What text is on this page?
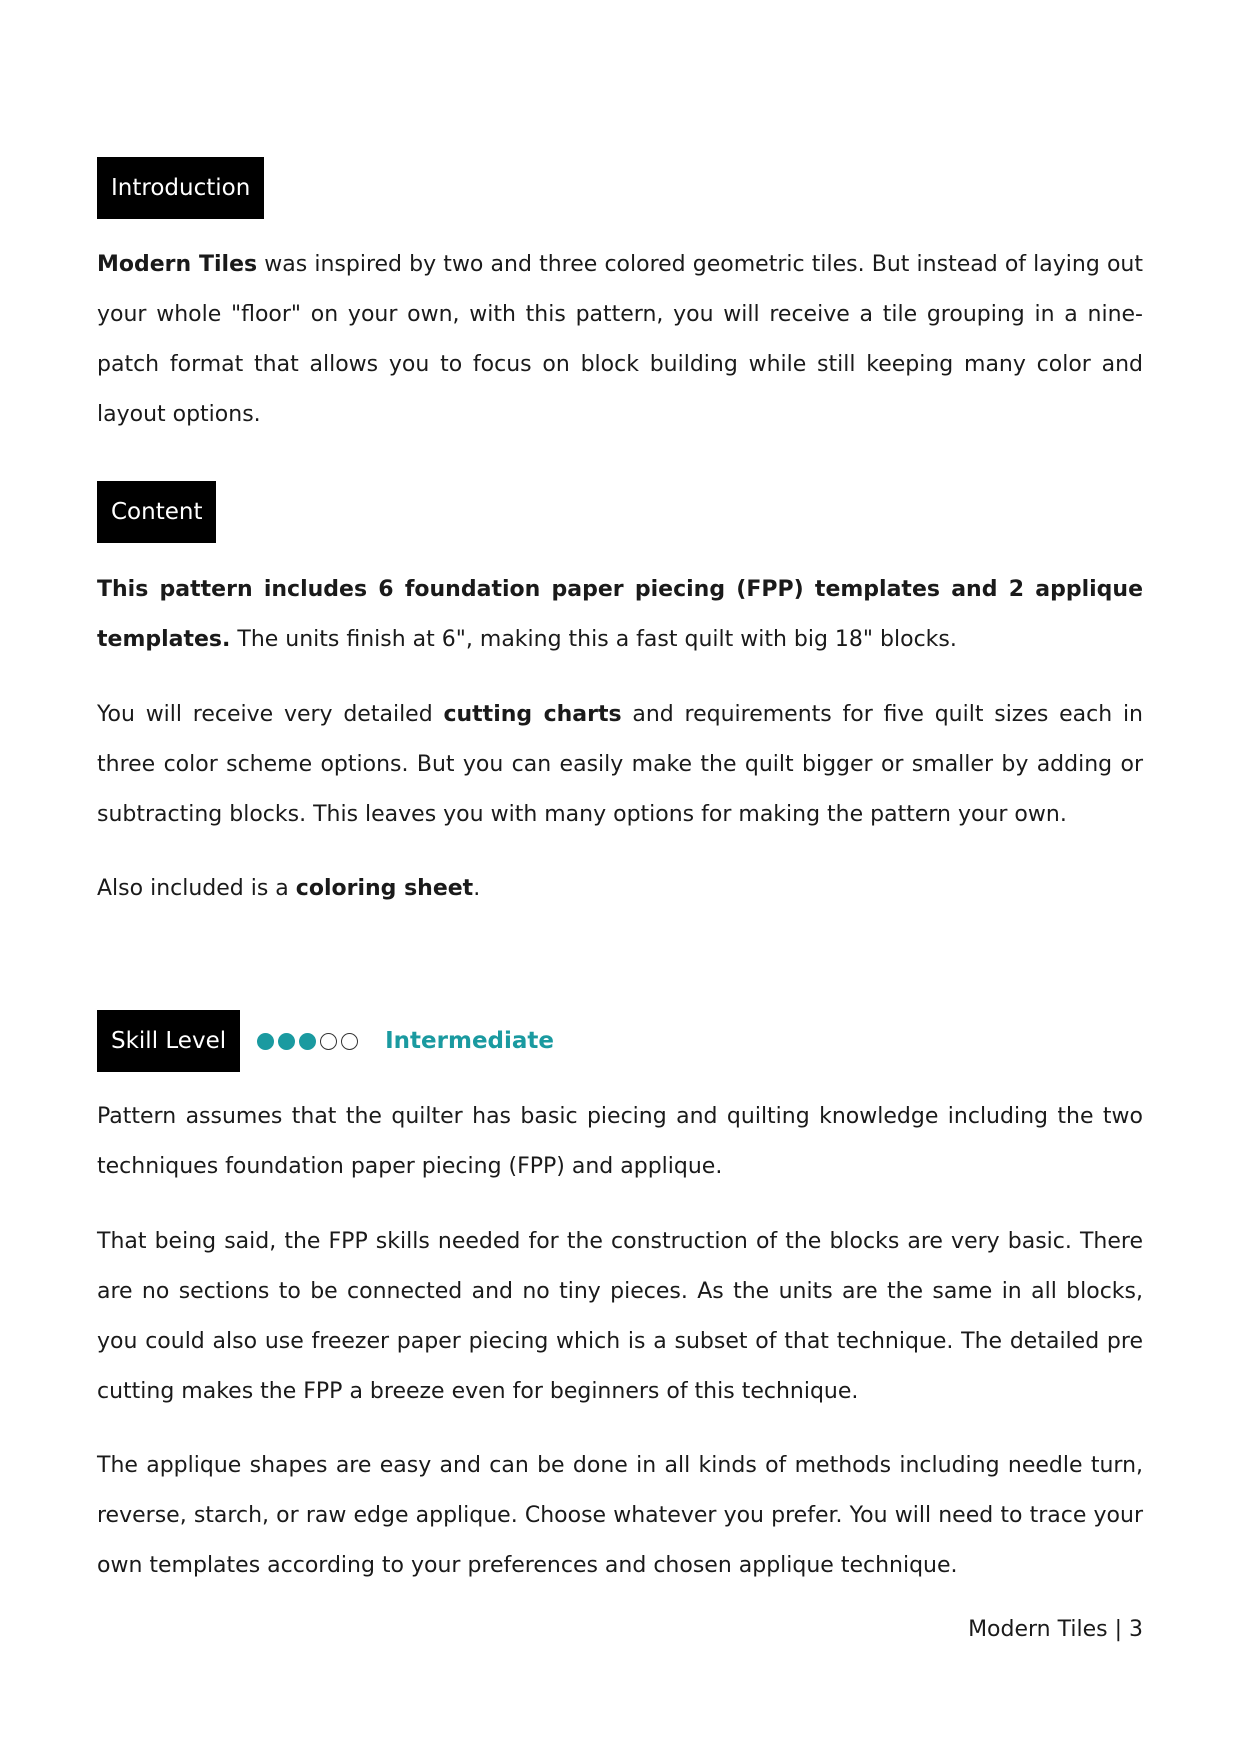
Introduction

Modern Tiles was inspired by two and three colored geometric tiles. But instead of laying out your whole "floor" on your own, with this pattern, you will receive a tile grouping in a nine-patch format that allows you to focus on block building while still keeping many color and layout options.

Content

This pattern includes 6 foundation paper piecing (FPP) templates and 2 applique templates. The units finish at 6", making this a fast quilt with big 18" blocks.

You will receive very detailed cutting charts and requirements for five quilt sizes each in three color scheme options. But you can easily make the quilt bigger or smaller by adding or subtracting blocks. This leaves you with many options for making the pattern your own.

Also included is a coloring sheet.

Skill Level	Intermediate

Pattern assumes that the quilter has basic piecing and quilting knowledge including the two techniques foundation paper piecing (FPP) and applique.

That being said, the FPP skills needed for the construction of the blocks are very basic. There are no sections to be connected and no tiny pieces. As the units are the same in all blocks, you could also use freezer paper piecing which is a subset of that technique. The detailed pre cutting makes the FPP a breeze even for beginners of this technique.

The applique shapes are easy and can be done in all kinds of methods including needle turn, reverse, starch, or raw edge applique. Choose whatever you prefer. You will need to trace your own templates according to your preferences and chosen applique technique.

Modern Tiles | 3
